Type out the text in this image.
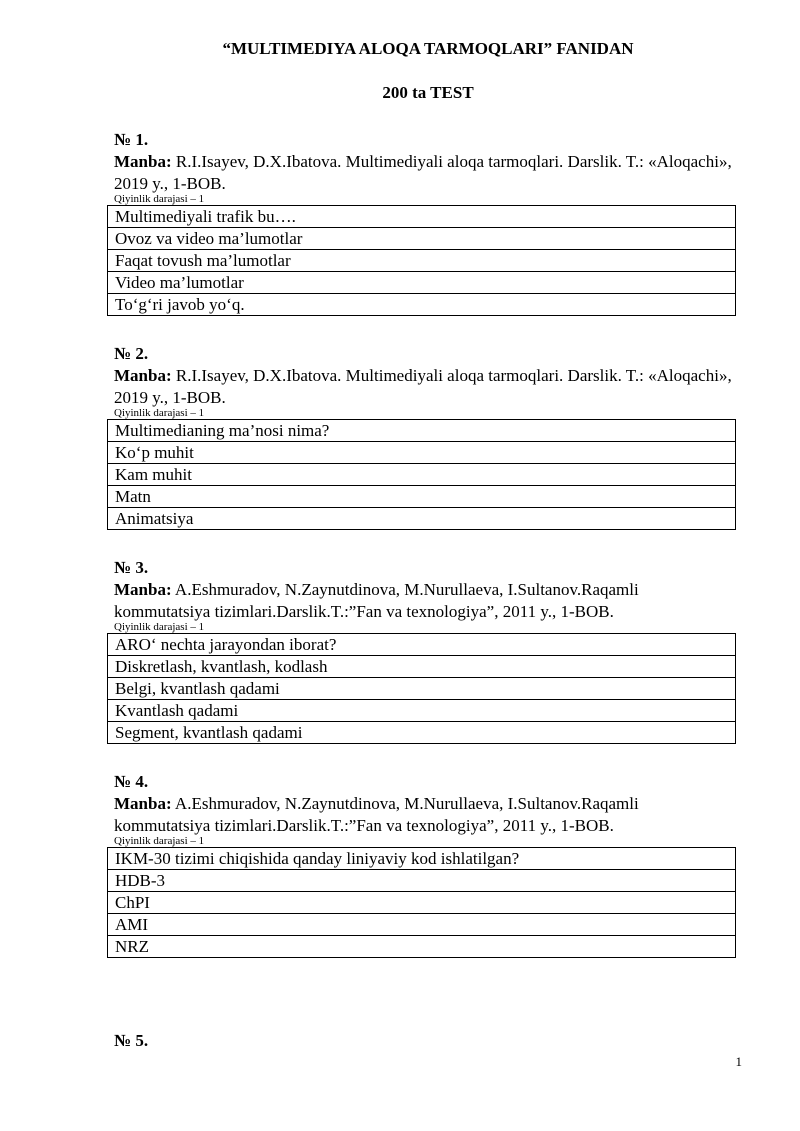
“MULTIMEDIYA ALOQA TARMOQLARI” FANIDAN
200 ta TEST
№ 1.
Manba: R.I.Isayev, D.X.Ibatova. Multimediyali aloqa tarmoqlari. Darslik. T.: «Aloqachi», 2019 y., 1-BOB.
Qiyinlik darajasi – 1
Multimediyali trafik bu….
Ovoz va video ma’lumotlar
Faqat tovush ma’lumotlar
Video ma’lumotlar
To‘g‘ri javob yo‘q.
№ 2.
Manba: R.I.Isayev, D.X.Ibatova. Multimediyali aloqa tarmoqlari. Darslik. T.: «Aloqachi», 2019 y., 1-BOB.
Qiyinlik darajasi – 1
Multimedianing ma’nosi nima?
Ko‘p muhit
Kam muhit
Matn
Animatsiya
№ 3.
Manba: A.Eshmuradov, N.Zaynutdinova, M.Nurullaeva, I.Sultanov.Raqamli kommutatsiya tizimlari.Darslik.T.:”Fan va texnologiya”, 2011 y., 1-BOB.
Qiyinlik darajasi – 1
ARO‘ nechta jarayondan iborat?
Diskretlash, kvantlash, kodlash
Belgi, kvantlash qadami
Kvantlash qadami
Segment, kvantlash qadami
№ 4.
Manba: A.Eshmuradov, N.Zaynutdinova, M.Nurullaeva, I.Sultanov.Raqamli kommutatsiya tizimlari.Darslik.T.:”Fan va texnologiya”, 2011 y., 1-BOB.
Qiyinlik darajasi – 1
IKM-30 tizimi chiqishida qanday liniyaviy kod ishlatilgan?
HDB-3
ChPI
AMI
NRZ
№ 5.
1
